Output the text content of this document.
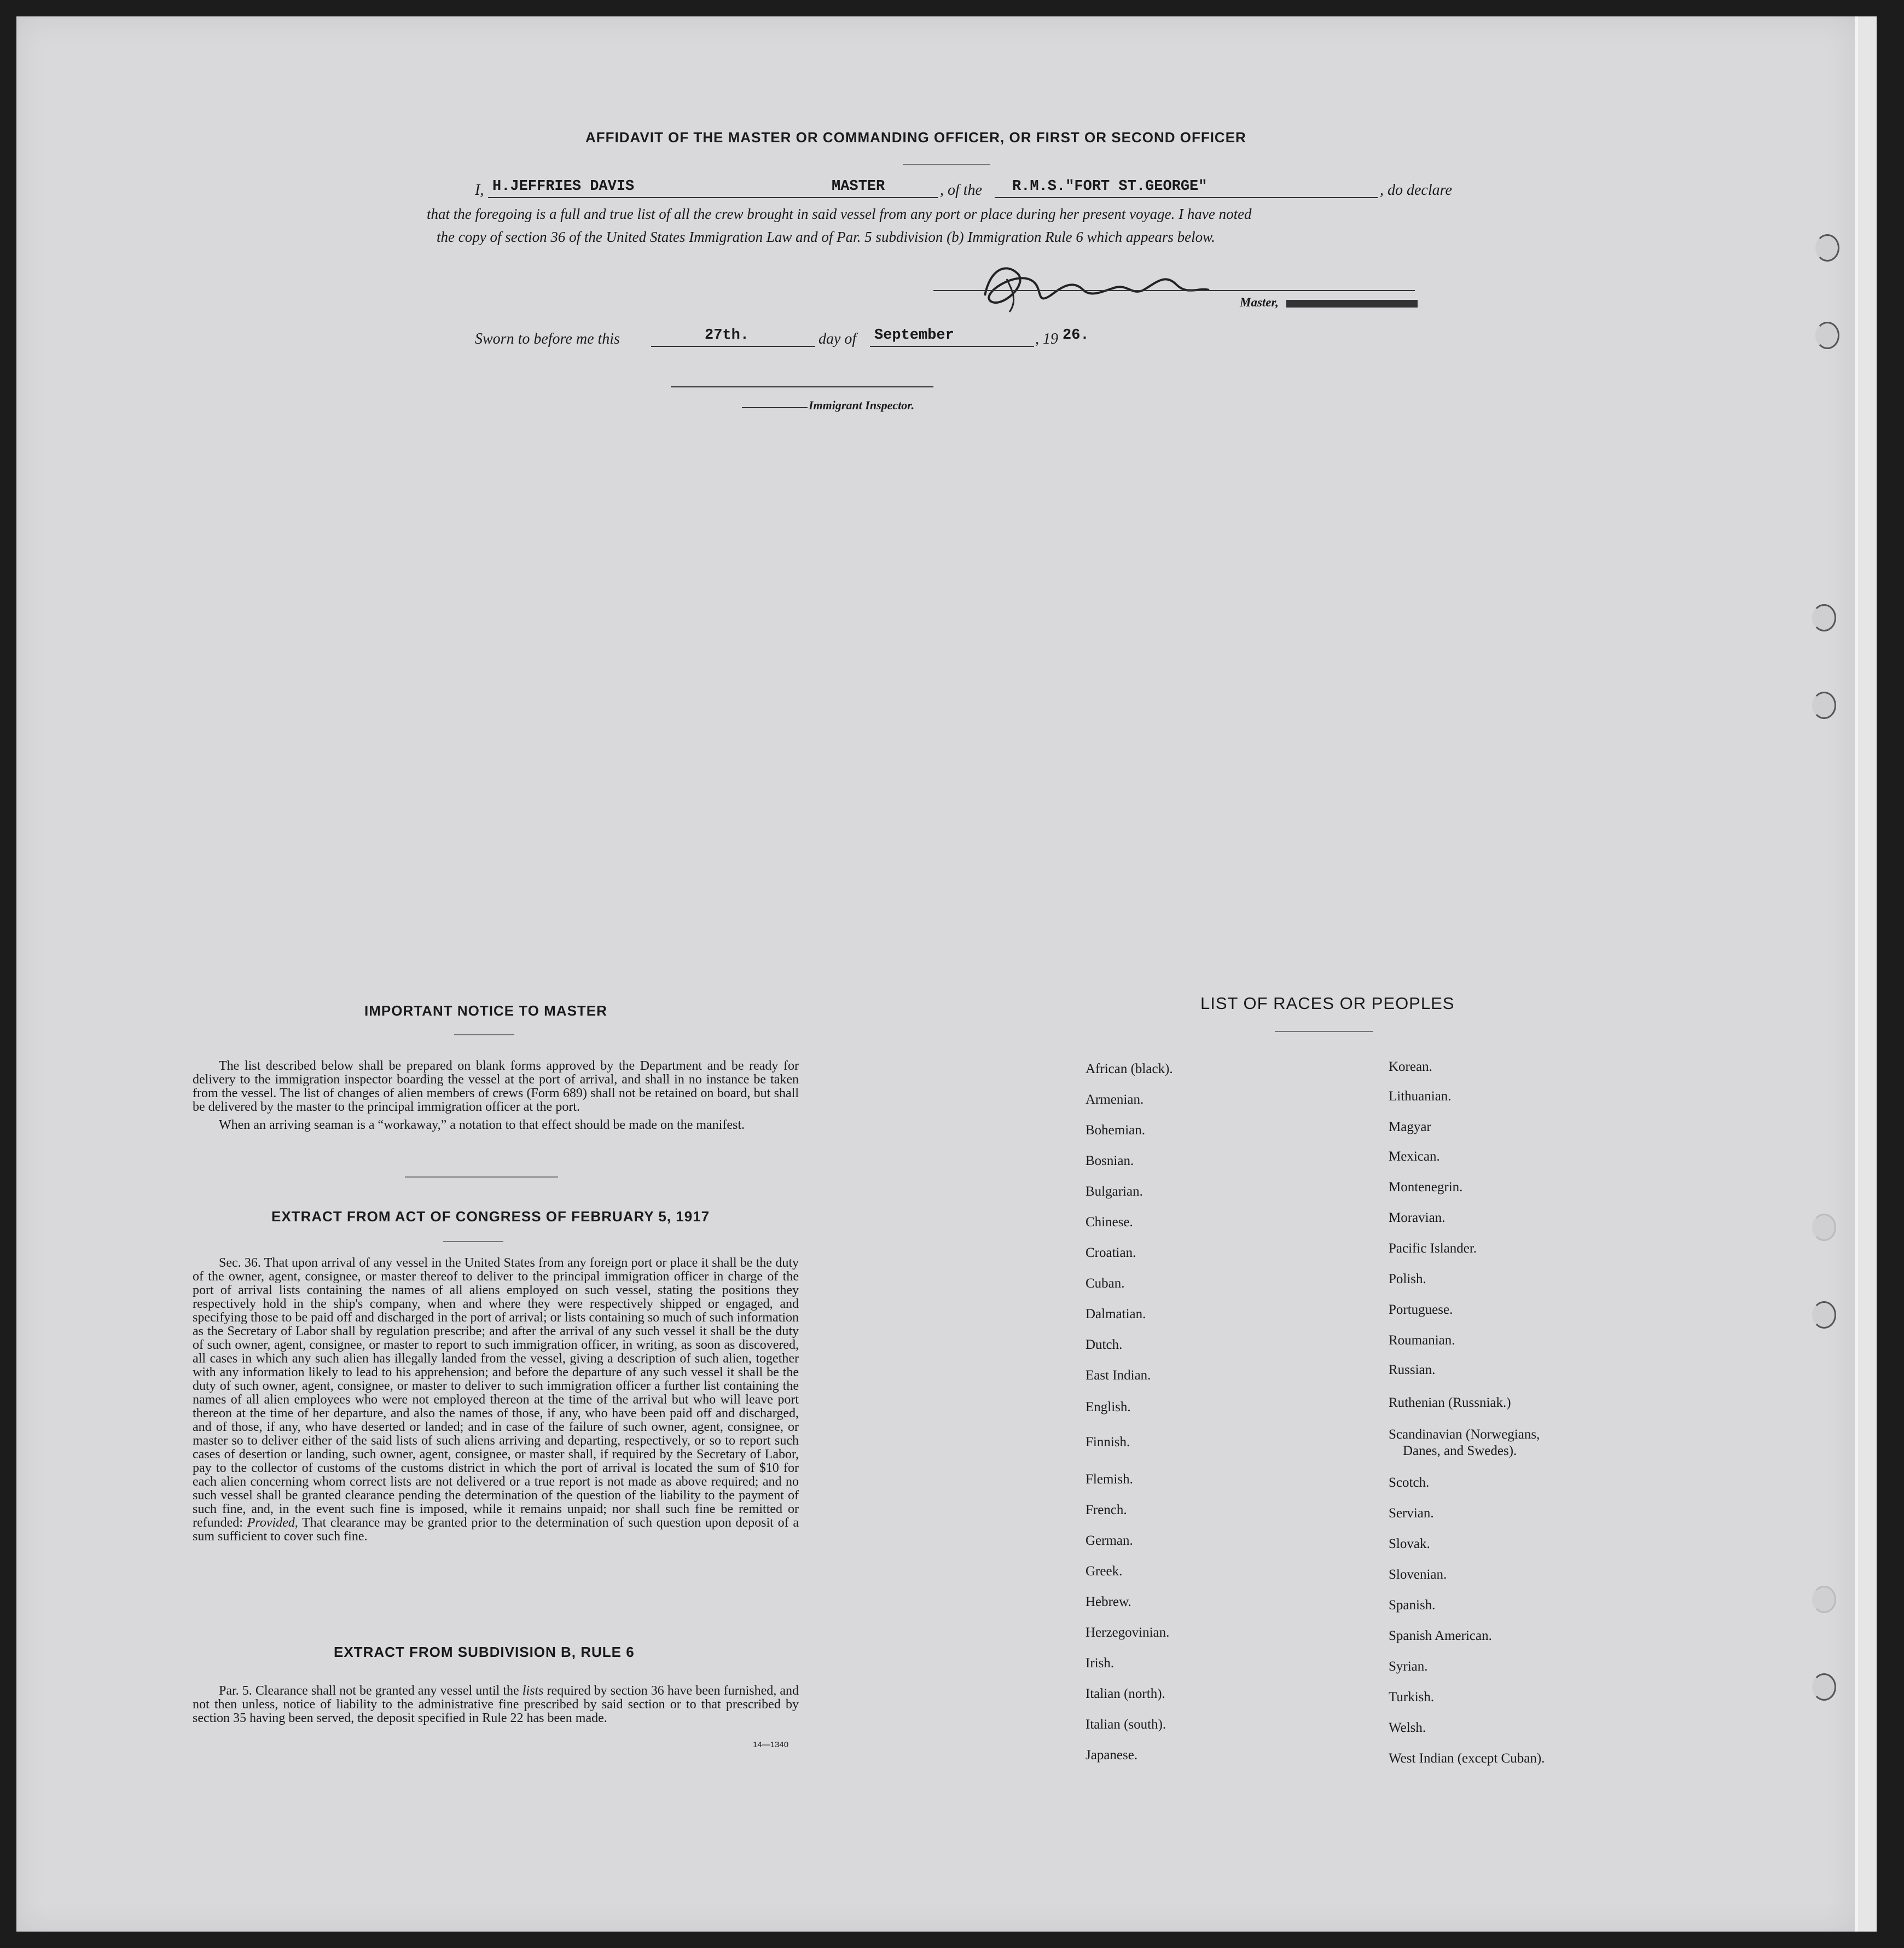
AFFIDAVIT OF THE MASTER OR COMMANDING OFFICER, OR FIRST OR SECOND OFFICER
I, H.JEFFRIES DAVIS	MASTER	, of the R.M.S."FORT ST.GEORGE"	, do declare
that the foregoing is a full and true list of all the crew brought in said vessel from any port or place during her present voyage. I have noted
the copy of section 36 of the United States Immigration Law and of Par. 5 subdivision (b) Immigration Rule 6 which appears below.
Master,
Sworn to before me this	27th.	day of September	, 19 26.
Immigrant Inspector.
IMPORTANT NOTICE TO MASTER

The list described below shall be prepared on blank forms approved by the Department and be ready for delivery to the immigration inspector boarding the vessel at the port of arrival, and shall in no instance be taken from the vessel. The list of changes of alien members of crews (Form 689) shall not be retained on board, but shall be delivered by the master to the principal immigration officer at the port.

When an arriving seaman is a “workaway,” a notation to that effect should be made on the manifest.

EXTRACT FROM ACT OF CONGRESS OF FEBRUARY 5, 1917

Sec. 36. That upon arrival of any vessel in the United States from any foreign port or place it shall be the duty of the owner, agent, consignee, or master thereof to deliver to the principal immigration officer in charge of the port of arrival lists containing the names of all aliens employed on such vessel, stating the positions they respectively hold in the ship's company, when and where they were respectively shipped or engaged, and specifying those to be paid off and discharged in the port of arrival; or lists containing so much of such information as the Secretary of Labor shall by regulation prescribe; and after the arrival of any such vessel it shall be the duty of such owner, agent, consignee, or master to report to such immigration officer, in writing, as soon as discovered, all cases in which any such alien has illegally landed from the vessel, giving a description of such alien, together with any information likely to lead to his apprehension; and before the departure of any such vessel it shall be the duty of such owner, agent, consignee, or master to deliver to such immigration officer a further list containing the names of all alien employees who were not employed thereon at the time of the arrival but who will leave port thereon at the time of her departure, and also the names of those, if any, who have been paid off and discharged, and of those, if any, who have deserted or landed; and in case of the failure of such owner, agent, consignee, or master so to deliver either of the said lists of such aliens arriving and departing, respectively, or so to report such cases of desertion or landing, such owner, agent, consignee, or master shall, if required by the Secretary of Labor, pay to the collector of customs of the customs district in which the port of arrival is located the sum of $10 for each alien concerning whom correct lists are not delivered or a true report is not made as above required; and no such vessel shall be granted clearance pending the determination of the question of the liability to the payment of such fine, and, in the event such fine is imposed, while it remains unpaid; nor shall such fine be remitted or refunded: Provided, That clearance may be granted prior to the determination of such question upon deposit of a sum sufficient to cover such fine.

EXTRACT FROM SUBDIVISION B, RULE 6

Par. 5. Clearance shall not be granted any vessel until the lists required by section 36 have been furnished, and not then unless, notice of liability to the administrative fine prescribed by said section or to that prescribed by section 35 having been served, the deposit specified in Rule 22 has been made.

14—1340
LIST OF RACES OR PEOPLES
African (black).
Armenian.
Bohemian.
Bosnian.
Bulgarian.
Chinese.
Croatian.
Cuban.
Dalmatian.
Dutch.
East Indian.
English.
Finnish.
Flemish.
French.
German.
Greek.
Hebrew.
Herzegovinian.
Irish.
Italian (north).
Italian (south).
Japanese.
Korean.
Lithuanian.
Magyar
Mexican.
Montenegrin.
Moravian.
Pacific Islander.
Polish.
Portuguese.
Roumanian.
Russian.
Ruthenian (Russniak.)
Scandinavian (Norwegians,
Danes, and Swedes).
Scotch.
Servian.
Slovak.
Slovenian.
Spanish.
Spanish American.
Syrian.
Turkish.
Welsh.
West Indian (except Cuban).
